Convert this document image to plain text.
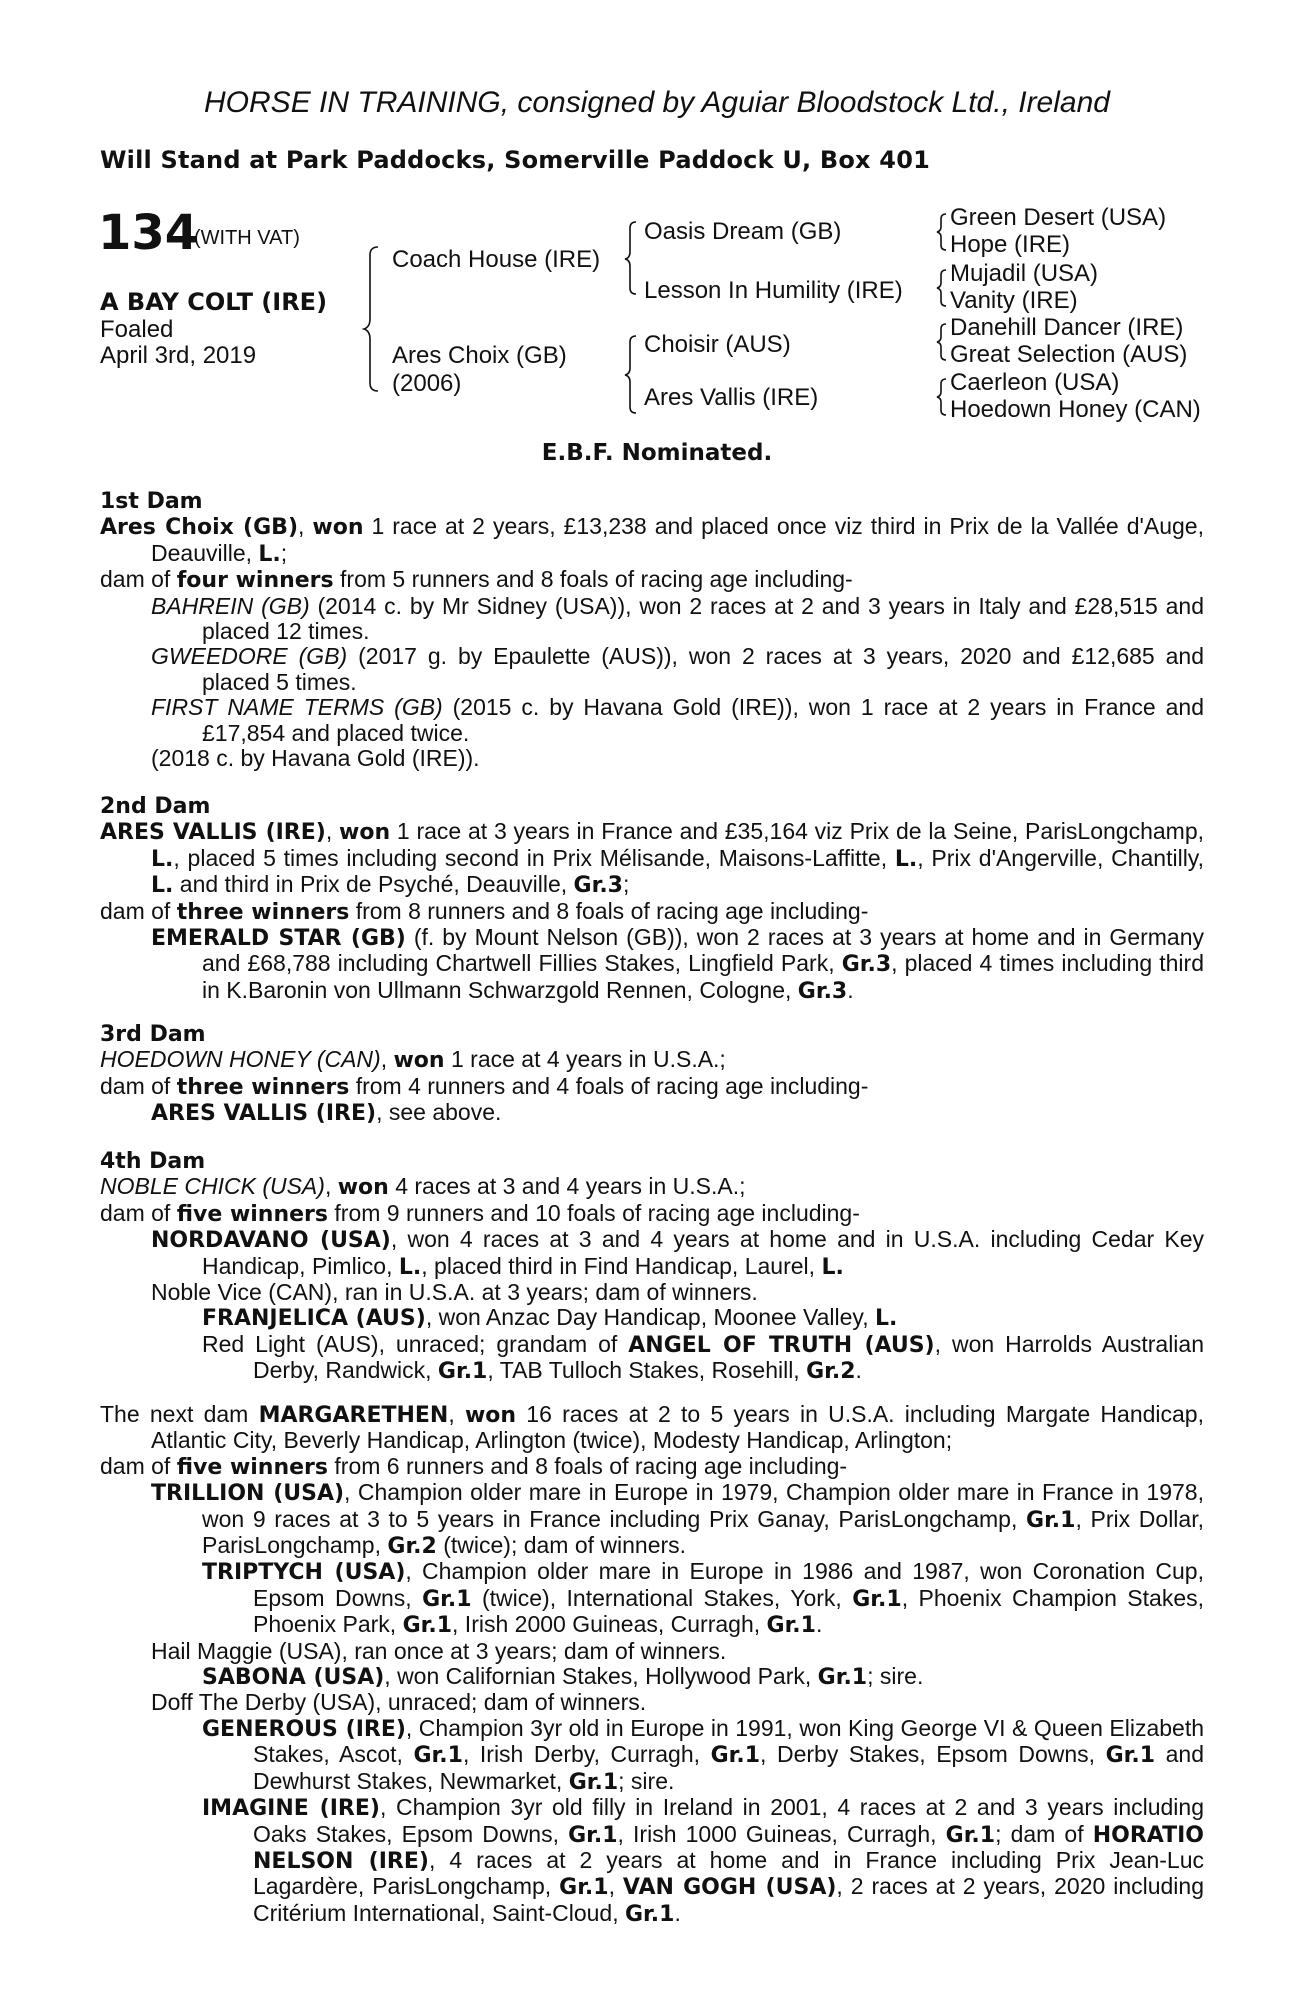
HORSE IN TRAINING, consigned by Aguiar Bloodstock Ltd., Ireland
Will Stand at Park Paddocks, Somerville Paddock U, Box 401
134
(WITH VAT)
A BAY COLT (IRE)
Foaled
April 3rd, 2019
Coach House (IRE)
Ares Choix (GB)
(2006)
Oasis Dream (GB)
Lesson In Humility (IRE)
Choisir (AUS)
Ares Vallis (IRE)
Green Desert (USA)
Hope (IRE)
Mujadil (USA)
Vanity (IRE)
Danehill Dancer (IRE)
Great Selection (AUS)
Caerleon (USA)
Hoedown Honey (CAN)
E.B.F. Nominated.

1st Dam

Ares Choix (GB), won 1 race at 2 years, £13,238 and placed once viz third in Prix de la Vallée d'Auge, Deauville, L.;

dam of four winners from 5 runners and 8 foals of racing age including-

BAHREIN (GB) (2014 c. by Mr Sidney (USA)), won 2 races at 2 and 3 years in Italy and £28,515 and placed 12 times.

GWEEDORE (GB) (2017 g. by Epaulette (AUS)), won 2 races at 3 years, 2020 and £12,685 and placed 5 times.

FIRST NAME TERMS (GB) (2015 c. by Havana Gold (IRE)), won 1 race at 2 years in France and £17,854 and placed twice.

(2018 c. by Havana Gold (IRE)).

2nd Dam

ARES VALLIS (IRE), won 1 race at 3 years in France and £35,164 viz Prix de la Seine, ParisLongchamp, L., placed 5 times including second in Prix Mélisande, Maisons-Laffitte, L., Prix d'Angerville, Chantilly, L. and third in Prix de Psyché, Deauville, Gr.3;

dam of three winners from 8 runners and 8 foals of racing age including-

EMERALD STAR (GB) (f. by Mount Nelson (GB)), won 2 races at 3 years at home and in Germany and £68,788 including Chartwell Fillies Stakes, Lingfield Park, Gr.3, placed 4 times including third in K.Baronin von Ullmann Schwarzgold Rennen, Cologne, Gr.3.

3rd Dam

HOEDOWN HONEY (CAN), won 1 race at 4 years in U.S.A.;

dam of three winners from 4 runners and 4 foals of racing age including-

ARES VALLIS (IRE), see above.

4th Dam

NOBLE CHICK (USA), won 4 races at 3 and 4 years in U.S.A.;

dam of five winners from 9 runners and 10 foals of racing age including-

NORDAVANO (USA), won 4 races at 3 and 4 years at home and in U.S.A. including Cedar Key Handicap, Pimlico, L., placed third in Find Handicap, Laurel, L.

Noble Vice (CAN), ran in U.S.A. at 3 years; dam of winners.

FRANJELICA (AUS), won Anzac Day Handicap, Moonee Valley, L.

Red Light (AUS), unraced; grandam of ANGEL OF TRUTH (AUS), won Harrolds Australian Derby, Randwick, Gr.1, TAB Tulloch Stakes, Rosehill, Gr.2.

The next dam MARGARETHEN, won 16 races at 2 to 5 years in U.S.A. including Margate Handicap, Atlantic City, Beverly Handicap, Arlington (twice), Modesty Handicap, Arlington;

dam of five winners from 6 runners and 8 foals of racing age including-

TRILLION (USA), Champion older mare in Europe in 1979, Champion older mare in France in 1978, won 9 races at 3 to 5 years in France including Prix Ganay, ParisLongchamp, Gr.1, Prix Dollar, ParisLongchamp, Gr.2 (twice); dam of winners.

TRIPTYCH (USA), Champion older mare in Europe in 1986 and 1987, won Coronation Cup, Epsom Downs, Gr.1 (twice), International Stakes, York, Gr.1, Phoenix Champion Stakes, Phoenix Park, Gr.1, Irish 2000 Guineas, Curragh, Gr.1.

Hail Maggie (USA), ran once at 3 years; dam of winners.

SABONA (USA), won Californian Stakes, Hollywood Park, Gr.1; sire.

Doff The Derby (USA), unraced; dam of winners.

GENEROUS (IRE), Champion 3yr old in Europe in 1991, won King George VI & Queen Elizabeth Stakes, Ascot, Gr.1, Irish Derby, Curragh, Gr.1, Derby Stakes, Epsom Downs, Gr.1 and Dewhurst Stakes, Newmarket, Gr.1; sire.

IMAGINE (IRE), Champion 3yr old filly in Ireland in 2001, 4 races at 2 and 3 years including Oaks Stakes, Epsom Downs, Gr.1, Irish 1000 Guineas, Curragh, Gr.1; dam of HORATIO NELSON (IRE), 4 races at 2 years at home and in France including Prix Jean-Luc Lagardère, ParisLongchamp, Gr.1, VAN GOGH (USA), 2 races at 2 years, 2020 including Critérium International, Saint-Cloud, Gr.1.
